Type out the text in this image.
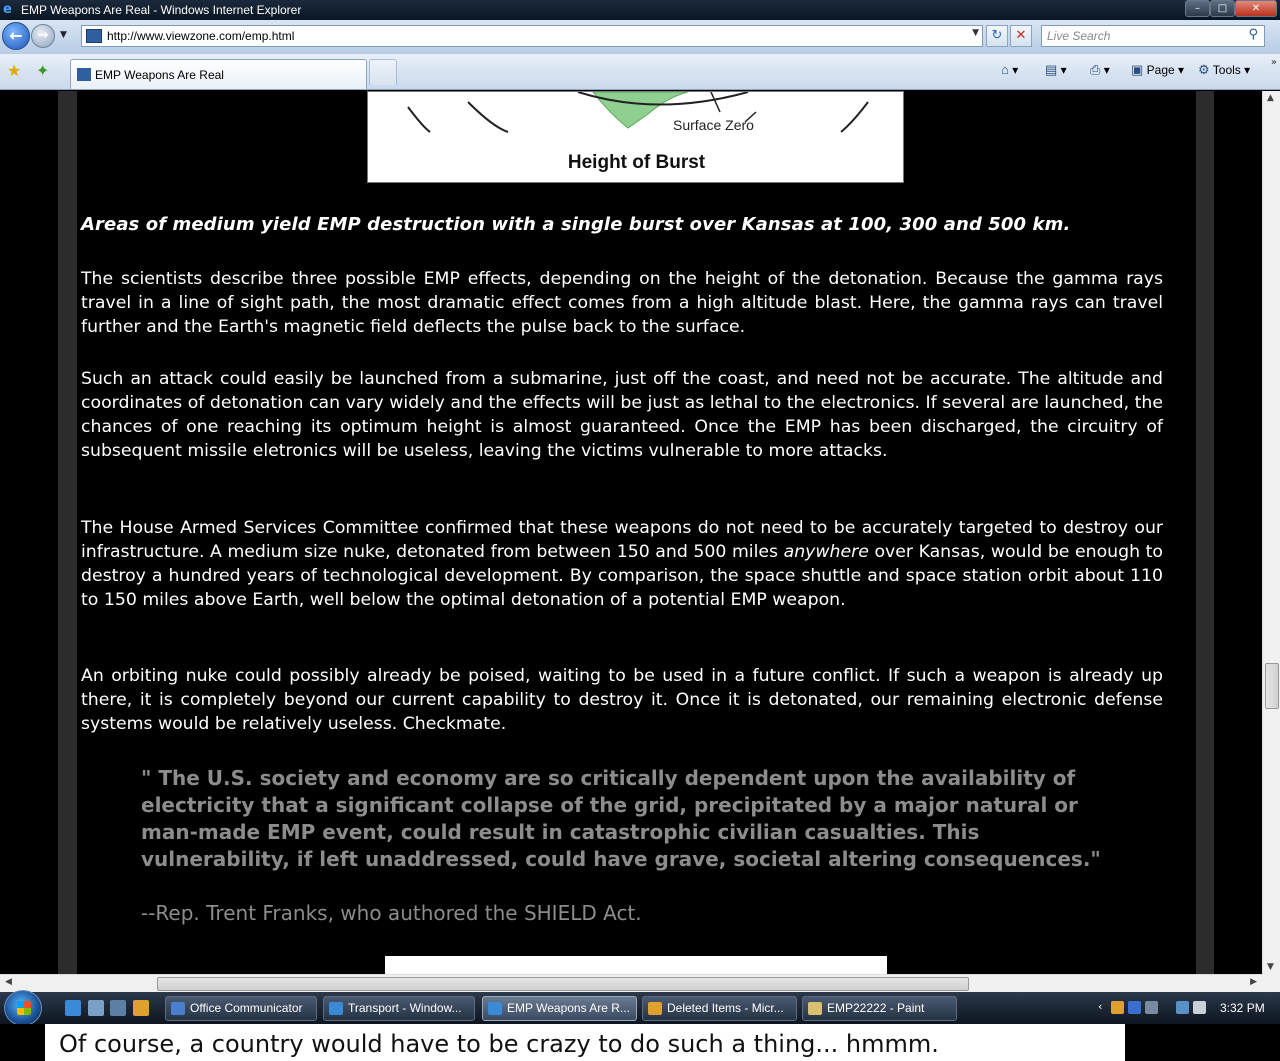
e EMP Weapons Are Real - Windows Internet Explorer	–	□	✕
←	→	▼	http://www.viewzone.com/emp.html	▼ ↻	✕	Live Search	⚲
★ ✦	EMP Weapons Are Real	⌂ ▾ ▤ ▾ ⎙ ▾ ▣ Page ▾ ⚙ Tools ▾
»
Surface Zero
Height of Burst
Areas of medium yield EMP destruction with a single burst over Kansas at 100, 300 and 500 km.

The scientists describe three possible EMP effects, depending on the height of the detonation. Because the gamma rays travel in a line of sight path, the most dramatic effect comes from a high altitude blast. Here, the gamma rays can travel further and the Earth's magnetic field deflects the pulse back to the surface.

Such an attack could easily be launched from a submarine, just off the coast, and need not be accurate. The altitude and coordinates of detonation can vary widely and the effects will be just as lethal to the electronics. If several are launched, the chances of one reaching its optimum height is almost guaranteed. Once the EMP has been discharged, the circuitry of subsequent missile eletronics will be useless, leaving the victims vulnerable to more attacks.

The House Armed Services Committee confirmed that these weapons do not need to be accurately targeted to destroy our infrastructure. A medium size nuke, detonated from between 150 and 500 miles anywhere over Kansas, would be enough to destroy a hundred years of technological development. By comparison, the space shuttle and space station orbit about 110 to 150 miles above Earth, well below the optimal detonation of a potential EMP weapon.

An orbiting nuke could possibly already be poised, waiting to be used in a future conflict. If such a weapon is already up there, it is completely beyond our current capability to destroy it. Once it is detonated, our remaining electronic defense systems would be relatively useless. Checkmate.

" The U.S. society and economy are so critically dependent upon the availability of electricity that a significant collapse of the grid, precipitated by a major natural or man-made EMP event, could result in catastrophic civilian casualties. This vulnerability, if left unaddressed, could have grave, societal altering consequences."
--Rep. Trent Franks, who authored the SHIELD Act.
▲
▼
◀	▶
Office Communicator	Transport - Window...	EMP Weapons Are R...	Deleted Items - Micr...	EMP22222 - Paint	‹	3:32 PM
Of course, a country would have to be crazy to do such a thing... hmmm.
